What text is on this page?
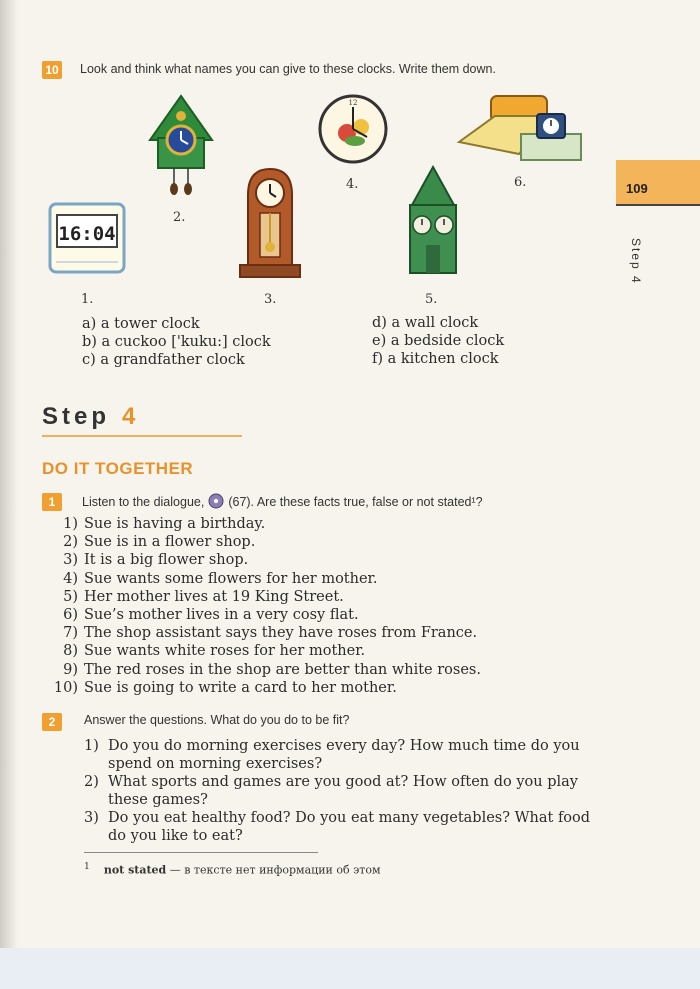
109
Step 4
10 Look and think what names you can give to these clocks. Write them down.
16:04
12
1.
2.
3.
4.
5.
6.
a) a tower clock
b) a cuckoo ['kuku:] clock
c) a grandfather clock
d) a wall clock
e) a bedside clock
f) a kitchen clock
Step 4
DO IT TOGETHER
1	Listen to the dialogue, (67). Are these facts true, false or not stated¹?
1) Sue is having a birthday.
2) Sue is in a flower shop.
3) It is a big flower shop.
4) Sue wants some flowers for her mother.
5) Her mother lives at 19 King Street.
6) Sue’s mother lives in a very cosy flat.
7) The shop assistant says they have roses from France.
8) Sue wants white roses for her mother.
9) The red roses in the shop are better than white roses.
10) Sue is going to write a card to her mother.
2	Answer the questions. What do you do to be fit?
1) Do you do morning exercises every day? How much time do you spend on morning exercises?
2) What sports and games are you good at? How often do you play these games?
3) Do you eat healthy food? Do you eat many vegetables? What food do you like to eat?
$^1$ not stated — в тексте нет информации об этом
